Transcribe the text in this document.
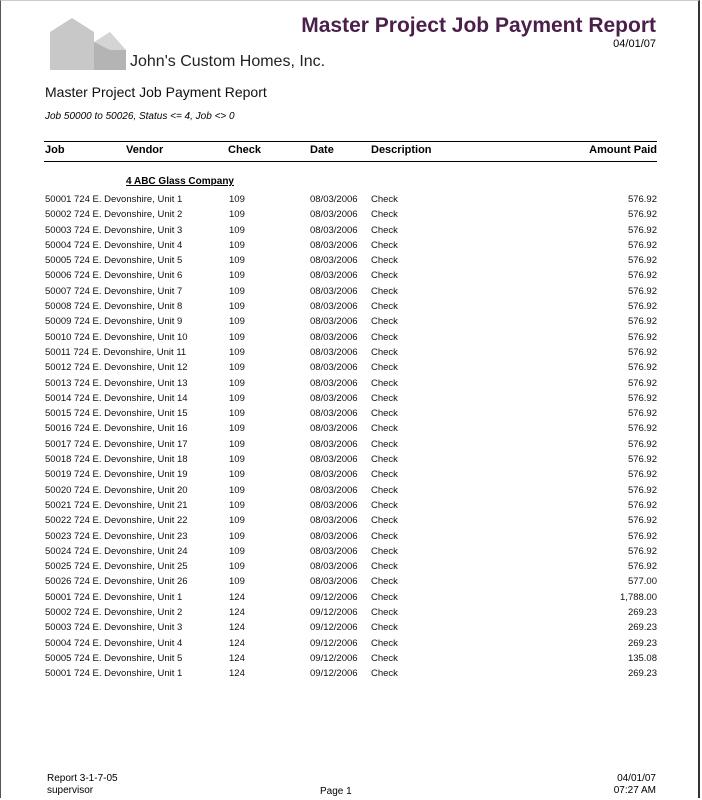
John's Custom Homes, Inc.
Master Project Job Payment Report
04/01/07
Master Project Job Payment Report
Job 50000 to 50026, Status <= 4, Job <> 0
Job	Vendor	Check	Date	Description	Amount Paid
4 ABC Glass Company
50001 724 E. Devonshire, Unit 1	109	08/03/2006 Check	576.92
50002 724 E. Devonshire, Unit 2	109	08/03/2006 Check	576.92
50003 724 E. Devonshire, Unit 3	109	08/03/2006 Check	576.92
50004 724 E. Devonshire, Unit 4	109	08/03/2006 Check	576.92
50005 724 E. Devonshire, Unit 5	109	08/03/2006 Check	576.92
50006 724 E. Devonshire, Unit 6	109	08/03/2006 Check	576.92
50007 724 E. Devonshire, Unit 7	109	08/03/2006 Check	576.92
50008 724 E. Devonshire, Unit 8	109	08/03/2006 Check	576.92
50009 724 E. Devonshire, Unit 9	109	08/03/2006 Check	576.92
50010 724 E. Devonshire, Unit 10	109	08/03/2006 Check	576.92
50011 724 E. Devonshire, Unit 11	109	08/03/2006 Check	576.92
50012 724 E. Devonshire, Unit 12	109	08/03/2006 Check	576.92
50013 724 E. Devonshire, Unit 13	109	08/03/2006 Check	576.92
50014 724 E. Devonshire, Unit 14	109	08/03/2006 Check	576.92
50015 724 E. Devonshire, Unit 15	109	08/03/2006 Check	576.92
50016 724 E. Devonshire, Unit 16	109	08/03/2006 Check	576.92
50017 724 E. Devonshire, Unit 17	109	08/03/2006 Check	576.92
50018 724 E. Devonshire, Unit 18	109	08/03/2006 Check	576.92
50019 724 E. Devonshire, Unit 19	109	08/03/2006 Check	576.92
50020 724 E. Devonshire, Unit 20	109	08/03/2006 Check	576.92
50021 724 E. Devonshire, Unit 21	109	08/03/2006 Check	576.92
50022 724 E. Devonshire, Unit 22	109	08/03/2006 Check	576.92
50023 724 E. Devonshire, Unit 23	109	08/03/2006 Check	576.92
50024 724 E. Devonshire, Unit 24	109	08/03/2006 Check	576.92
50025 724 E. Devonshire, Unit 25	109	08/03/2006 Check	576.92
50026 724 E. Devonshire, Unit 26	109	08/03/2006 Check	577.00
50001 724 E. Devonshire, Unit 1	124	09/12/2006 Check	1,788.00
50002 724 E. Devonshire, Unit 2	124	09/12/2006 Check	269.23
50003 724 E. Devonshire, Unit 3	124	09/12/2006 Check	269.23
50004 724 E. Devonshire, Unit 4	124	09/12/2006 Check	269.23
50005 724 E. Devonshire, Unit 5	124	09/12/2006 Check	135.08
50001 724 E. Devonshire, Unit 1	124	09/12/2006 Check	269.23
Report 3-1-7-05
supervisor	Page 1
04/01/07
07:27 AM
